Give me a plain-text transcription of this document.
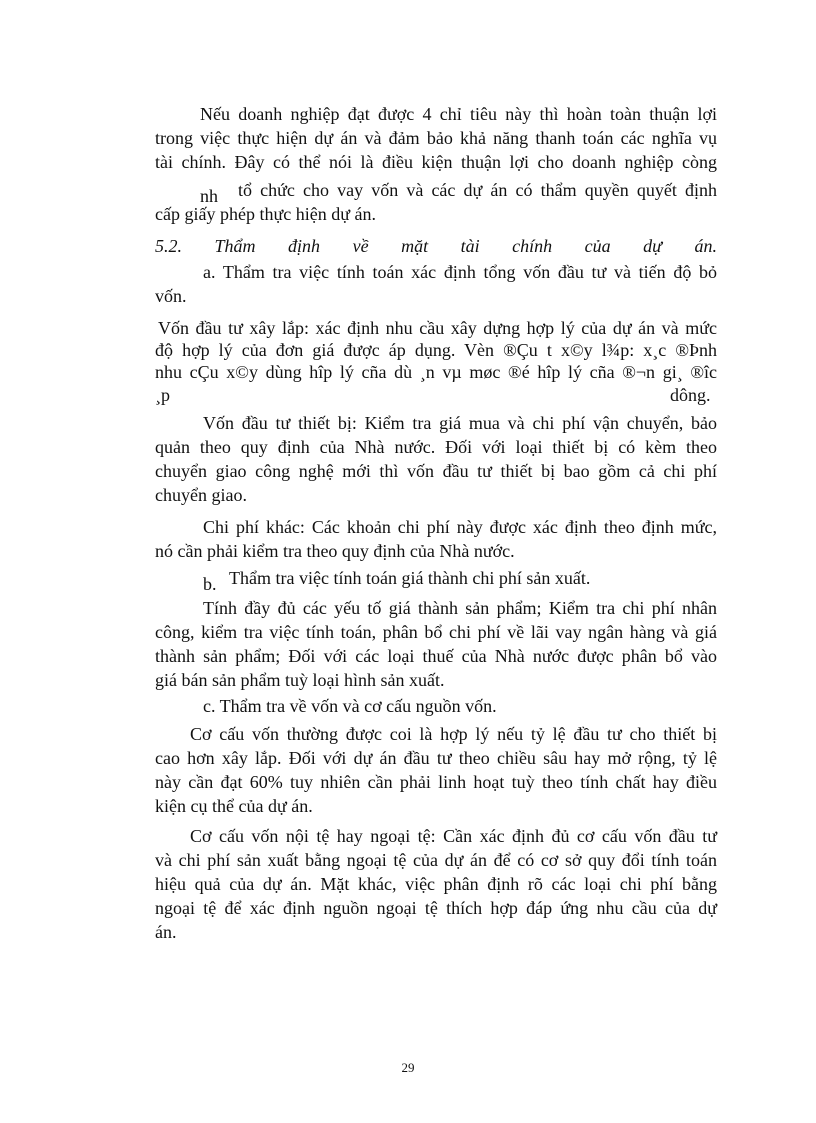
Nếu doanh nghiệp đạt được 4 chỉ tiêu này thì hoàn toàn thuận lợi
trong việc thực hiện dự án và đảm bảo khả năng thanh toán các nghĩa vụ
tài chính. Đây có thể nói là điều kiện thuận lợi cho doanh nghiệp còng
nh	tổ chức cho vay vốn và các dự án có thẩm quyền quyết định
cấp giấy phép thực hiện dự án.
5.2. Thẩm định về mặt tài chính của dự án.
a. Thẩm tra việc tính toán xác định tổng vốn đầu tư và tiến độ bỏ
vốn.
Vốn đầu tư xây lắp: xác định nhu cầu xây dựng hợp lý của dự án và mức
độ hợp lý của đơn giá được áp dụng. Vèn ®Çu t x©y l¾p: x¸c ®Þnh
nhu cÇu x©y dùng hîp lý cña dù ¸n vµ møc ®é hîp lý cña ®¬n gi¸ ®îc
¸p	dông.
Vốn đầu tư thiết bị: Kiểm tra giá mua và chi phí vận chuyển, bảo
quản theo quy định của Nhà nước. Đối với loại thiết bị có kèm theo
chuyển giao công nghệ mới thì vốn đầu tư thiết bị bao gồm cả chi phí
chuyển giao.
Chi phí khác: Các khoản chi phí này được xác định theo định mức,
nó cần phải kiểm tra theo quy định của Nhà nước.
b. Thẩm tra việc tính toán giá thành chi phí sản xuất.
Tính đầy đủ các yếu tố giá thành sản phẩm; Kiểm tra chi phí nhân
công, kiểm tra việc tính toán, phân bổ chi phí về lãi vay ngân hàng và giá
thành sản phẩm; Đối với các loại thuế của Nhà nước được phân bổ vào
giá bán sản phẩm tuỳ loại hình sản xuất.
c. Thẩm tra về vốn và cơ cấu nguồn vốn.
Cơ cấu vốn thường được coi là hợp lý nếu tỷ lệ đầu tư cho thiết bị
cao hơn xây lắp. Đối với dự án đầu tư theo chiều sâu hay mở rộng, tỷ lệ
này cần đạt 60% tuy nhiên cần phải linh hoạt tuỳ theo tính chất hay điều
kiện cụ thể của dự án.
Cơ cấu vốn nội tệ hay ngoại tệ: Cần xác định đủ cơ cấu vốn đầu tư
và chi phí sản xuất bằng ngoại tệ của dự án để có cơ sở quy đổi tính toán
hiệu quả của dự án. Mặt khác, việc phân định rõ các loại chi phí bằng
ngoại tệ để xác định nguồn ngoại tệ thích hợp đáp ứng nhu cầu của dự
án.
29
